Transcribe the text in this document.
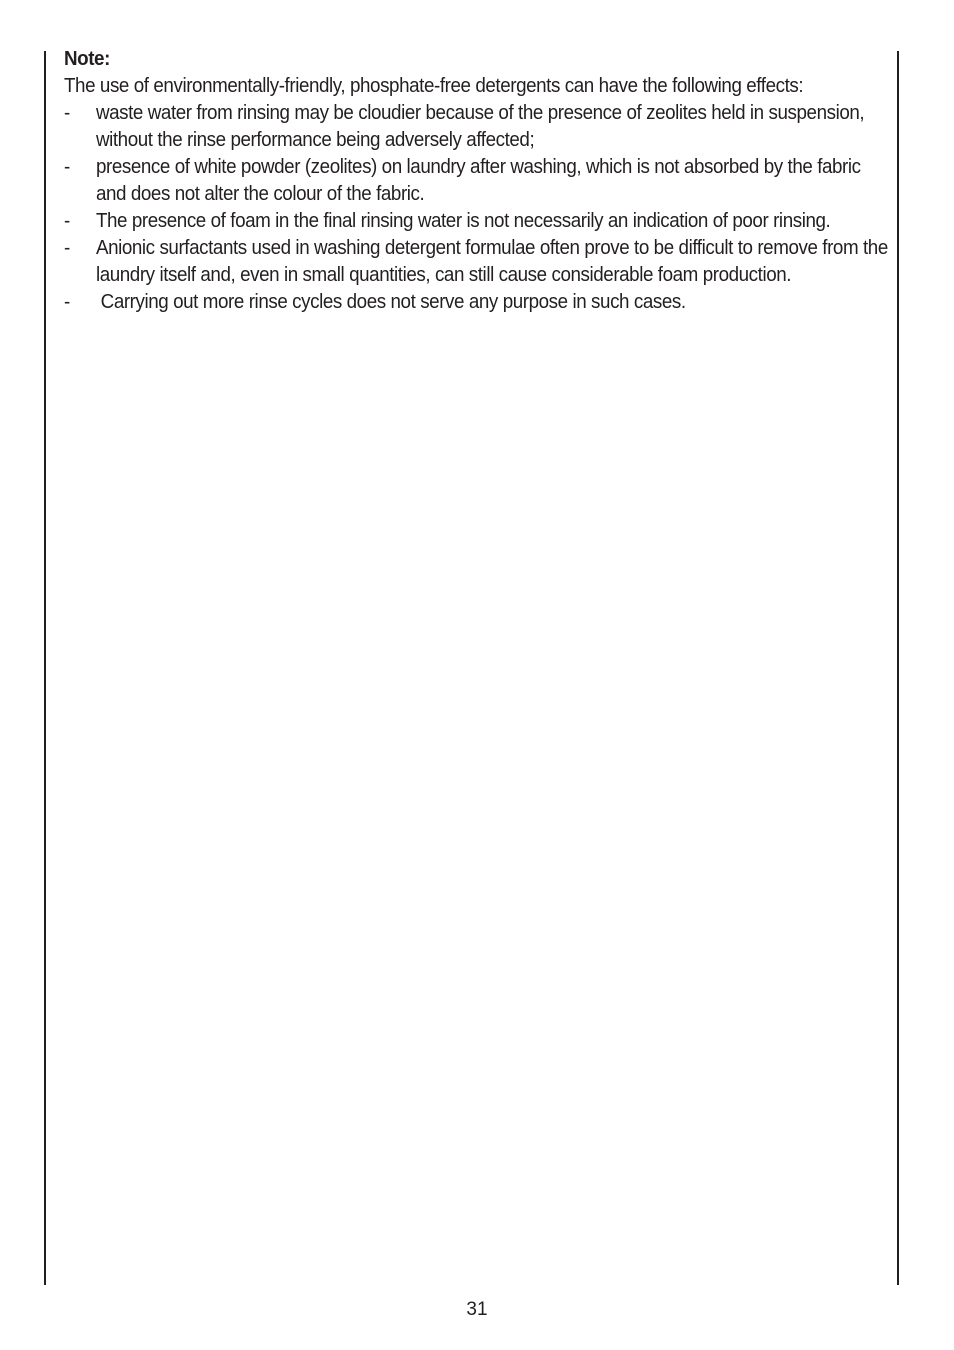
Note:

The use of environmentally-friendly, phosphate-free detergents can have the following effects:

- waste water from rinsing may be cloudier because of the presence of zeolites held in suspension, without the rinse performance being adversely affected;
- presence of white powder (zeolites) on laundry after washing, which is not absorbed by the fabric and does not alter the colour of the fabric.
- The presence of foam in the final rinsing water is not necessarily an indication of poor rinsing.
- Anionic surfactants used in washing detergent formulae often prove to be difficult to remove from the laundry itself and, even in small quantities, can still cause considerable foam production.
- Carrying out more rinse cycles does not serve any purpose in such cases.
31
